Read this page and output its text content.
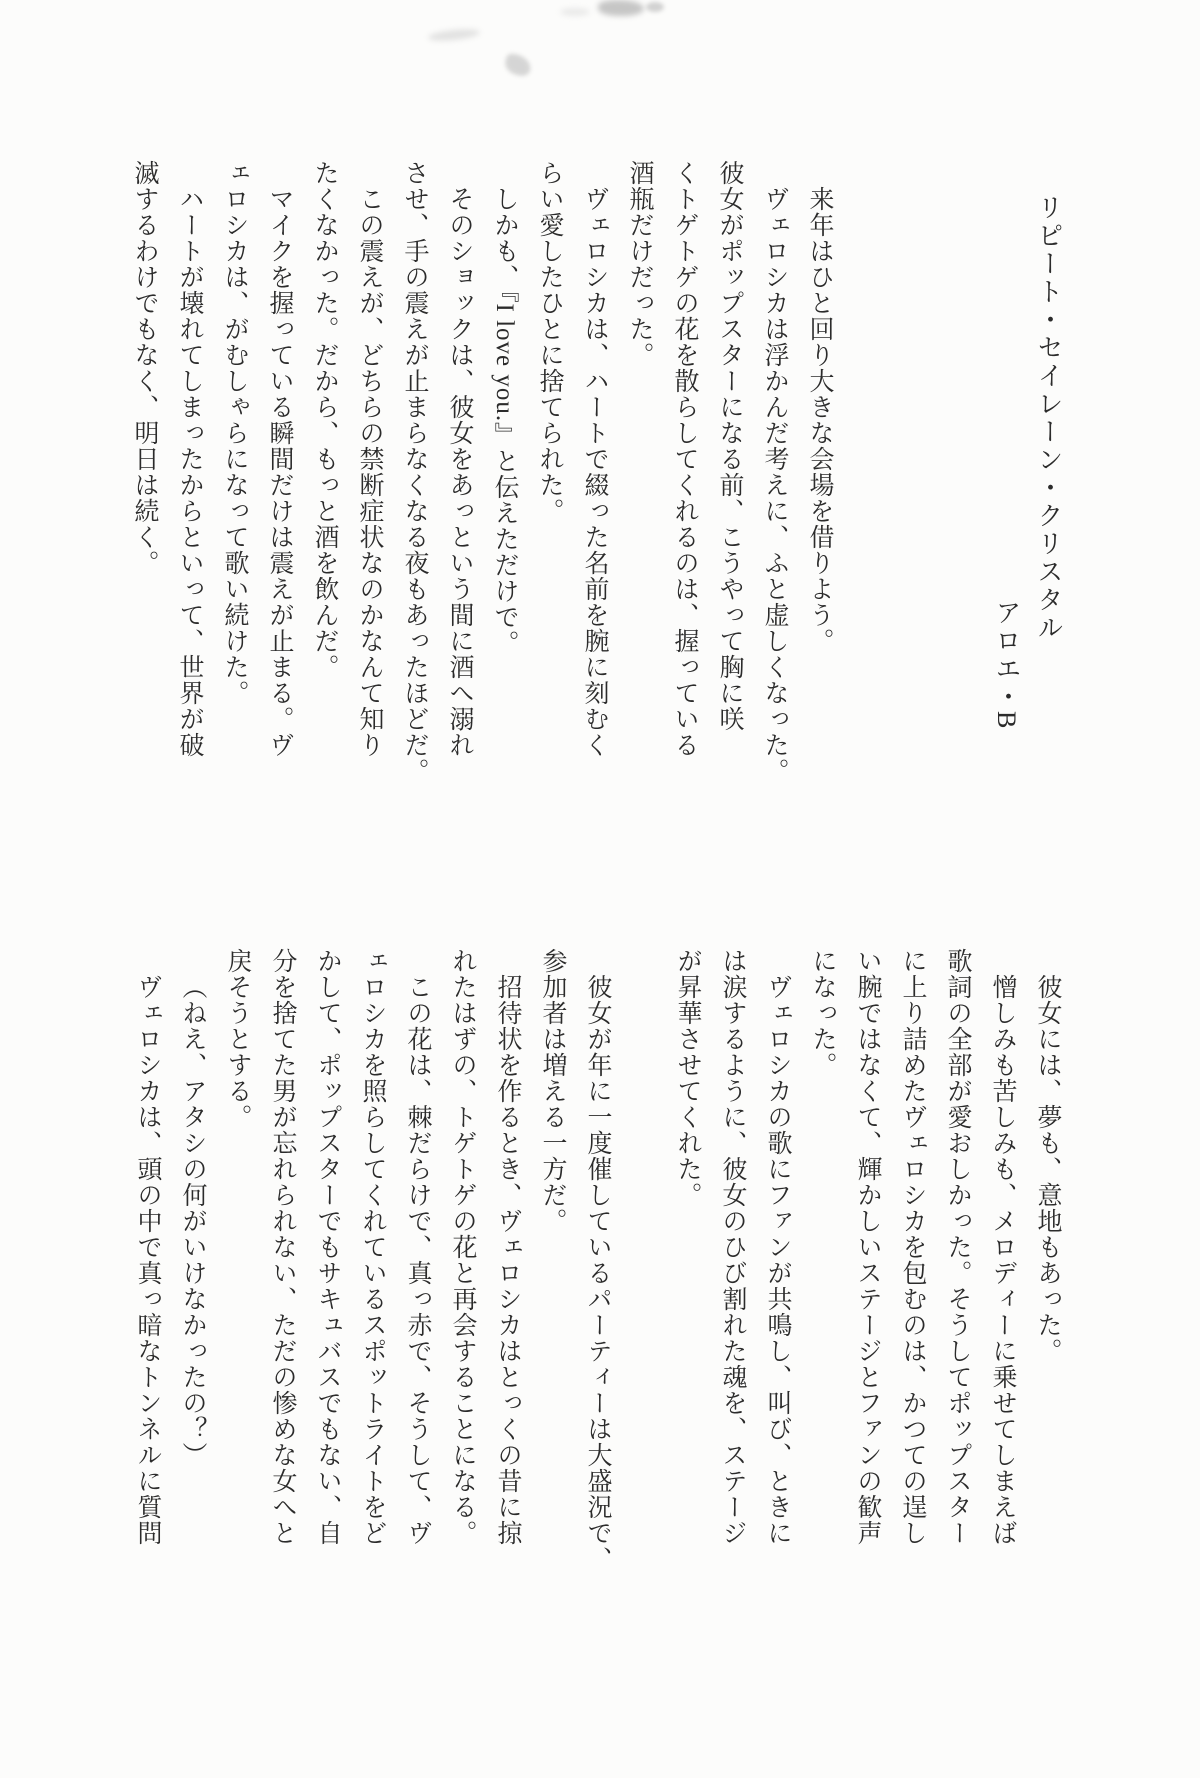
リピート・セイレーン・クリスタル
アロエ・B

来年はひと回り大きな会場を借りよう。

ヴェロシカは浮かんだ考えに、ふと虚しくなった。

彼女がポップスターになる前、こうやって胸に咲

くトゲトゲの花を散らしてくれるのは、握っている

酒瓶だけだった。

ヴェロシカは、ハートで綴った名前を腕に刻むく

らい愛したひとに捨てられた。

しかも、『I love you.』と伝えただけで。

そのショックは、彼女をあっという間に酒へ溺れ

させ、手の震えが止まらなくなる夜もあったほどだ。

この震えが、どちらの禁断症状なのかなんて知り

たくなかった。だから、もっと酒を飲んだ。

マイクを握っている瞬間だけは震えが止まる。ヴ

ェロシカは、がむしゃらになって歌い続けた。

ハートが壊れてしまったからといって、世界が破

滅するわけでもなく、明日は続く。

彼女には、夢も、意地もあった。

憎しみも苦しみも、メロディーに乗せてしまえば

歌詞の全部が愛おしかった。そうしてポップスター

に上り詰めたヴェロシカを包むのは、かつての逞し

い腕ではなくて、輝かしいステージとファンの歓声

になった。

ヴェロシカの歌にファンが共鳴し、叫び、ときに

は涙するように、彼女のひび割れた魂を、ステージ

が昇華させてくれた。

彼女が年に一度催しているパーティーは大盛況で、

参加者は増える一方だ。

招待状を作るとき、ヴェロシカはとっくの昔に掠

れたはずの、トゲトゲの花と再会することになる。

この花は、棘だらけで、真っ赤で、そうして、ヴ

ェロシカを照らしてくれているスポットライトをど

かして、ポップスターでもサキュバスでもない、自

分を捨てた男が忘れられない、ただの惨めな女へと

戻そうとする。

（ねえ、アタシの何がいけなかったの？）

ヴェロシカは、頭の中で真っ暗なトンネルに質問
